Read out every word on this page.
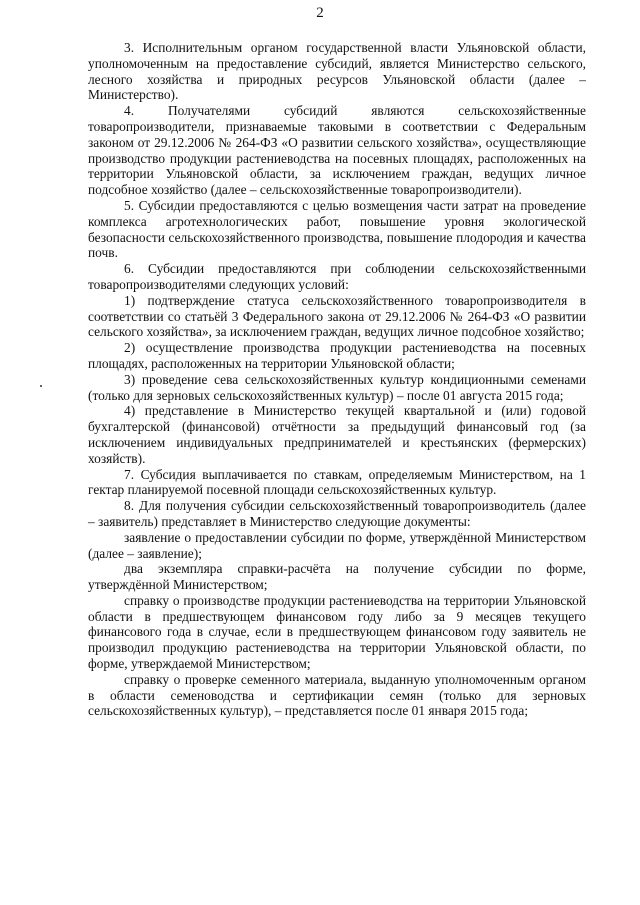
2

3. Исполнительным органом государственной власти Ульяновской области, уполномоченным на предоставление субсидий, является Министерство сельского, лесного хозяйства и природных ресурсов Ульяновской области (далее – Министерство).

4. Получателями субсидий являются сельскохозяйственные товаропроизводители, признаваемые таковыми в соответствии с Федеральным законом от 29.12.2006 № 264-ФЗ «О развитии сельского хозяйства», осуществляющие производство продукции растениеводства на посевных площадях, расположенных на территории Ульяновской области, за исключением граждан, ведущих личное подсобное хозяйство (далее – сельскохозяйственные товаропроизводители).

5. Субсидии предоставляются с целью возмещения части затрат на проведение комплекса агротехнологических работ, повышение уровня экологической безопасности сельскохозяйственного производства, повышение плодородия и качества почв.

6. Субсидии предоставляются при соблюдении сельскохозяйственными товаропроизводителями следующих условий:

1) подтверждение статуса сельскохозяйственного товаропроизводителя в соответствии со статьёй 3 Федерального закона от 29.12.2006 № 264-ФЗ «О развитии сельского хозяйства», за исключением граждан, ведущих личное подсобное хозяйство;

2) осуществление производства продукции растениеводства на посевных площадях, расположенных на территории Ульяновской области;

3) проведение сева сельскохозяйственных культур кондиционными семенами (только для зерновых сельскохозяйственных культур) – после 01 августа 2015 года;

4) представление в Министерство текущей квартальной и (или) годовой бухгалтерской (финансовой) отчётности за предыдущий финансовый год (за исключением индивидуальных предпринимателей и крестьянских (фермерских) хозяйств).

7. Субсидия выплачивается по ставкам, определяемым Министерством, на 1 гектар планируемой посевной площади сельскохозяйственных культур.

8. Для получения субсидии сельскохозяйственный товаропроизводитель (далее – заявитель) представляет в Министерство следующие документы:

заявление о предоставлении субсидии по форме, утверждённой Министерством (далее – заявление);

два экземпляра справки-расчёта на получение субсидии по форме, утверждённой Министерством;

справку о производстве продукции растениеводства на территории Ульяновской области в предшествующем финансовом году либо за 9 месяцев текущего финансового года в случае, если в предшествующем финансовом году заявитель не производил продукцию растениеводства на территории Ульяновской области, по форме, утверждаемой Министерством;

справку о проверке семенного материала, выданную уполномоченным органом в области семеноводства и сертификации семян (только для зерновых сельскохозяйственных культур), – представляется после 01 января 2015 года;
